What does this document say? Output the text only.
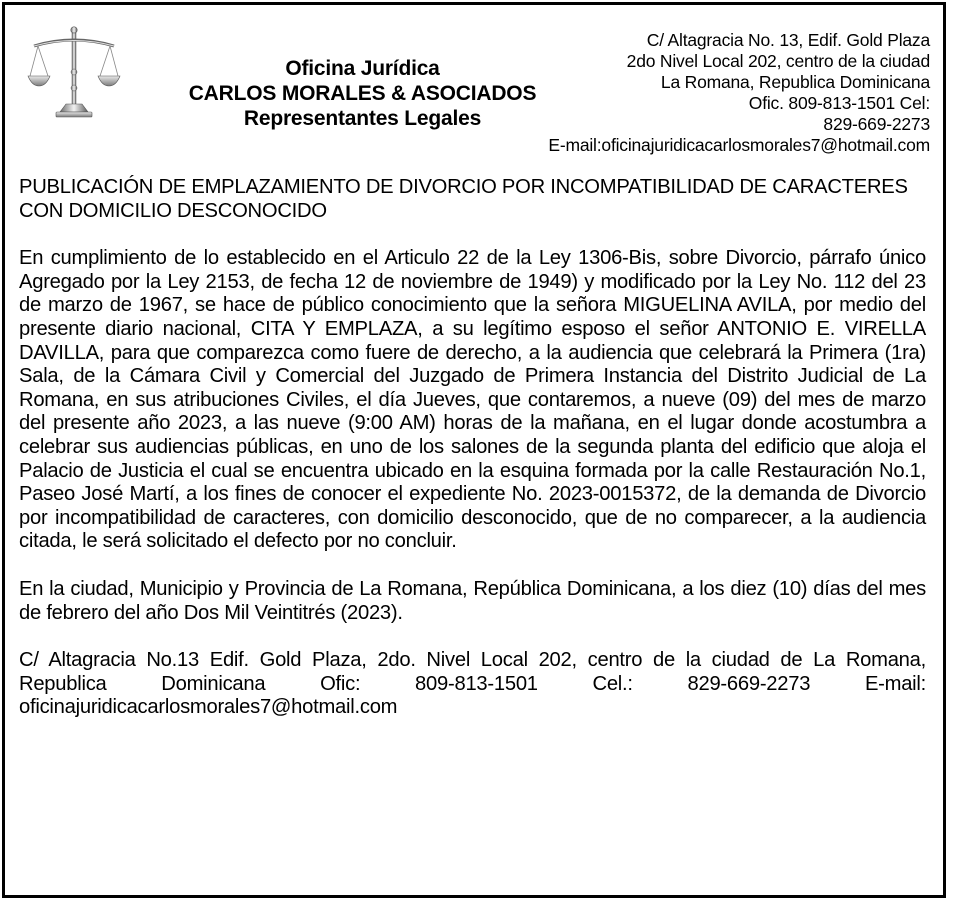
Oficina Jurídica
CARLOS MORALES & ASOCIADOS
Representantes Legales
C/ Altagracia No. 13, Edif. Gold Plaza
2do Nivel Local 202, centro de la ciudad
La Romana, Republica Dominicana
Ofic. 809-813-1501 Cel:
829-669-2273
E-mail:oficinajuridicacarlosmorales7@hotmail.com

PUBLICACIÓN DE EMPLAZAMIENTO DE DIVORCIO POR INCOMPATIBILIDAD DE CARACTERES CON DOMICILIO DESCONOCIDO

En cumplimiento de lo establecido en el Articulo 22 de la Ley 1306-Bis, sobre Divorcio, párrafo único Agregado por la Ley 2153, de fecha 12 de noviembre de 1949) y modificado por la Ley No. 112 del 23 de marzo de 1967, se hace de público conocimiento que la señora MIGUELINA AVILA, por medio del presente diario nacional, CITA Y EMPLAZA, a su legítimo esposo el señor ANTONIO E. VIRELLA DAVILLA, para que comparezca como fuere de derecho, a la audiencia que celebrará la Primera (1ra) Sala, de la Cámara Civil y Comercial del Juzgado de Primera Instancia del Distrito Judicial de La Romana, en sus atribuciones Civiles, el día Jueves, que contaremos, a nueve (09) del mes de marzo del presente año 2023, a las nueve (9:00 AM) horas de la mañana, en el lugar donde acostumbra a celebrar sus audiencias públicas, en uno de los salones de la segunda planta del edificio que aloja el Palacio de Justicia el cual se encuentra ubicado en la esquina formada por la calle Restauración No.1, Paseo José Martí, a los fines de conocer el expediente No. 2023-0015372, de la demanda de Divorcio por incompatibilidad de caracteres, con domicilio desconocido, que de no comparecer, a la audiencia citada, le será solicitado el defecto por no concluir.

En la ciudad, Municipio y Provincia de La Romana, República Dominicana, a los diez (10) días del mes de febrero del año Dos Mil Veintitrés (2023).

C/ Altagracia No.13 Edif. Gold Plaza, 2do. Nivel Local 202, centro de la ciudad de La Romana, Republica Dominicana Ofic: 809-813-1501 Cel.: 829-669-2273 E-mail: oficinajuridicacarlosmorales7@hotmail.com
